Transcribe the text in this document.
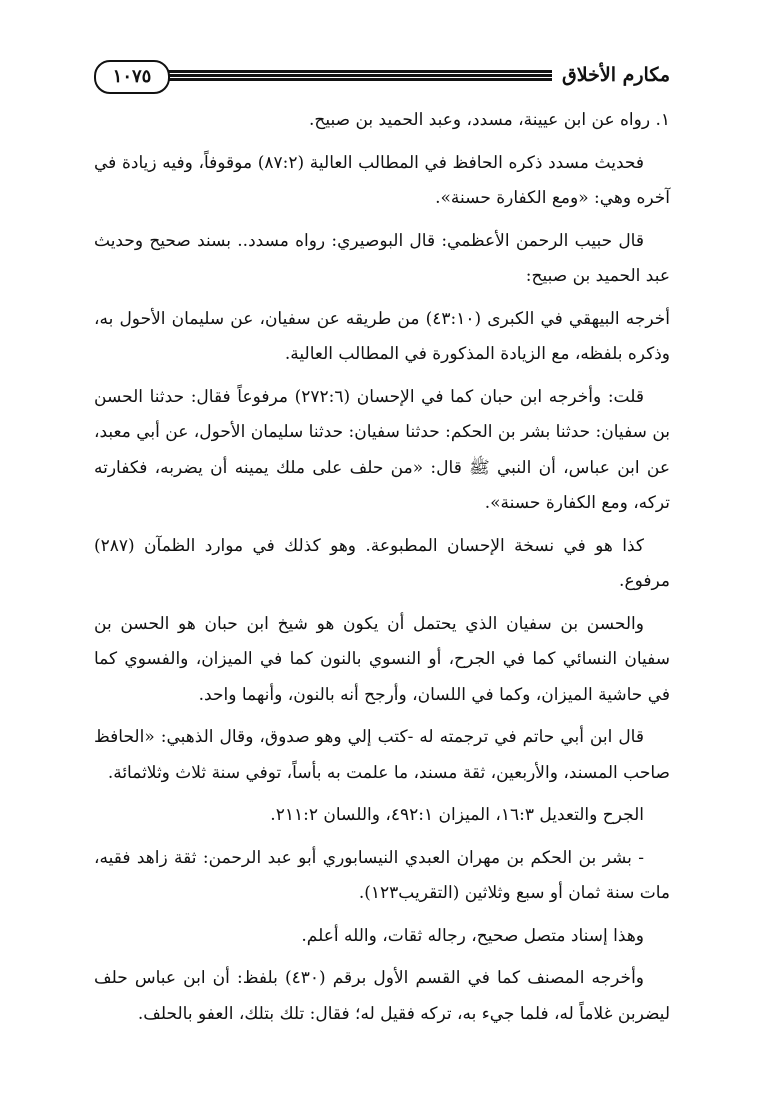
مكارم الأخلاق
١٠٧٥

١. رواه عن ابن عيينة، مسدد، وعبد الحميد بن صبيح.

فحديث مسدد ذكره الحافظ في المطالب العالية (٨٧:٢) موقوفاً، وفيه زيادة في آخره وهي: «ومع الكفارة حسنة».

قال حبيب الرحمن الأعظمي: قال البوصيري: رواه مسدد.. بسند صحيح وحديث عبد الحميد بن صبيح:

أخرجه البيهقي في الكبرى (٤٣:١٠) من طريقه عن سفيان، عن سليمان الأحول به، وذكره بلفظه، مع الزيادة المذكورة في المطالب العالية.

قلت: وأخرجه ابن حبان كما في الإحسان (٢٧٢:٦) مرفوعاً فقال: حدثنا الحسن بن سفيان: حدثنا بشر بن الحكم: حدثنا سفيان: حدثنا سليمان الأحول، عن أبي معبد، عن ابن عباس، أن النبي ﷺ قال: «من حلف على ملك يمينه أن يضربه، فكفارته تركه، ومع الكفارة حسنة».

كذا هو في نسخة الإحسان المطبوعة. وهو كذلك في موارد الظمآن (٢٨٧) مرفوع.

والحسن بن سفيان الذي يحتمل أن يكون هو شيخ ابن حبان هو الحسن بن سفيان النسائي كما في الجرح، أو النسوي بالنون كما في الميزان، والفسوي كما في حاشية الميزان، وكما في اللسان، وأرجح أنه بالنون، وأنهما واحد.

قال ابن أبي حاتم في ترجمته له -كتب إلي وهو صدوق، وقال الذهبي: «الحافظ صاحب المسند، والأربعين، ثقة مسند، ما علمت به بأساً، توفي سنة ثلاث وثلاثمائة.

الجرح والتعديل ١٦:٣، الميزان ٤٩٢:١، واللسان ٢١١:٢.

- بشر بن الحكم بن مهران العبدي النيسابوري أبو عبد الرحمن: ثقة زاهد فقيه، مات سنة ثمان أو سبع وثلاثين (التقريب١٢٣).

وهذا إسناد متصل صحيح، رجاله ثقات، والله أعلم.

وأخرجه المصنف كما في القسم الأول برقم (٤٣٠) بلفظ: أن ابن عباس حلف ليضربن غلاماً له، فلما جيء به، تركه فقيل له؛ فقال: تلك بتلك، العفو بالحلف.
